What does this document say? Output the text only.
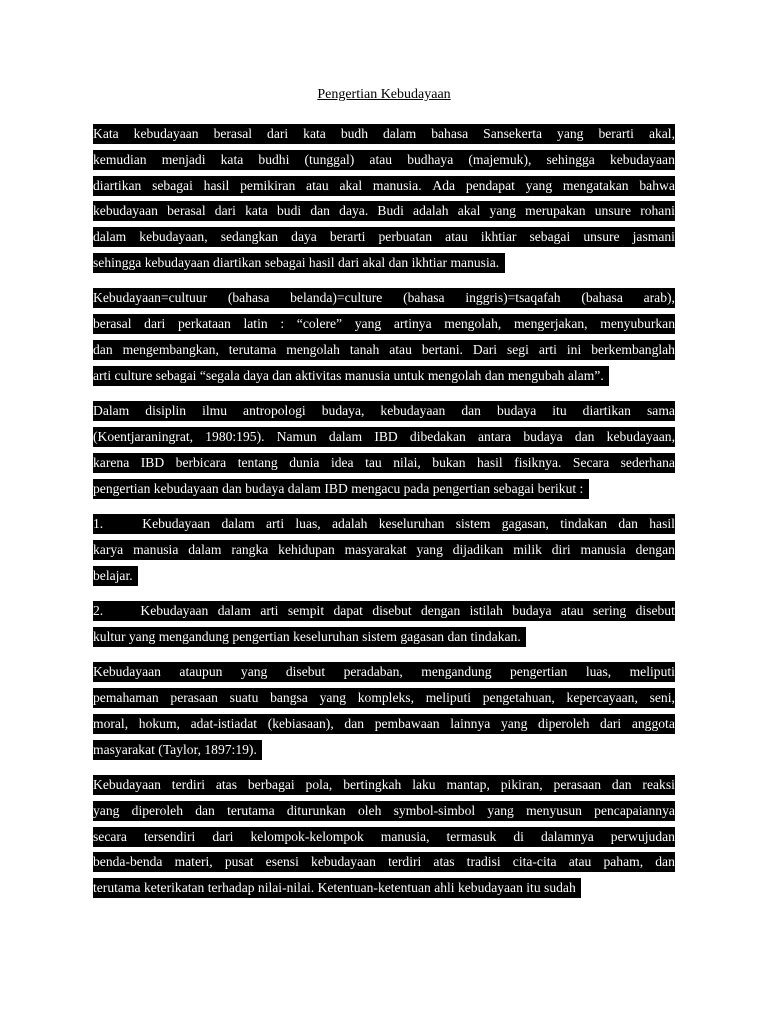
Pengertian Kebudayaan
Kata kebudayaan berasal dari kata budh dalam bahasa Sansekerta yang berarti akal,
kemudian menjadi kata budhi (tunggal) atau budhaya (majemuk), sehingga kebudayaan
diartikan sebagai hasil pemikiran atau akal manusia. Ada pendapat yang mengatakan bahwa
kebudayaan berasal dari kata budi dan daya. Budi adalah akal yang merupakan unsure rohani
dalam kebudayaan, sedangkan daya berarti perbuatan atau ikhtiar sebagai unsure jasmani
sehingga kebudayaan diartikan sebagai hasil dari akal dan ikhtiar manusia.
Kebudayaan=cultuur (bahasa belanda)=culture (bahasa inggris)=tsaqafah (bahasa arab),
berasal dari perkataan latin : “colere” yang artinya mengolah, mengerjakan, menyuburkan
dan mengembangkan, terutama mengolah tanah atau bertani. Dari segi arti ini berkembanglah
arti culture sebagai “segala daya dan aktivitas manusia untuk mengolah dan mengubah alam”.
Dalam disiplin ilmu antropologi budaya, kebudayaan dan budaya itu diartikan sama
(Koentjaraningrat, 1980:195). Namun dalam IBD dibedakan antara budaya dan kebudayaan,
karena IBD berbicara tentang dunia idea tau nilai, bukan hasil fisiknya. Secara sederhana
pengertian kebudayaan dan budaya dalam IBD mengacu pada pengertian sebagai berikut :
1.	Kebudayaan dalam arti luas, adalah keseluruhan sistem gagasan, tindakan dan hasil
karya manusia dalam rangka kehidupan masyarakat yang dijadikan milik diri manusia dengan
belajar.
2.	Kebudayaan dalam arti sempit dapat disebut dengan istilah budaya atau sering disebut
kultur yang mengandung pengertian keseluruhan sistem gagasan dan tindakan.
Kebudayaan ataupun yang disebut peradaban, mengandung pengertian luas, meliputi
pemahaman perasaan suatu bangsa yang kompleks, meliputi pengetahuan, kepercayaan, seni,
moral, hokum, adat-istiadat (kebiasaan), dan pembawaan lainnya yang diperoleh dari anggota
masyarakat (Taylor, 1897:19).
Kebudayaan terdiri atas berbagai pola, bertingkah laku mantap, pikiran, perasaan dan reaksi
yang diperoleh dan terutama diturunkan oleh symbol-simbol yang menyusun pencapaiannya
secara tersendiri dari kelompok-kelompok manusia, termasuk di dalamnya perwujudan
benda-benda materi, pusat esensi kebudayaan terdiri atas tradisi cita-cita atau paham, dan
terutama keterikatan terhadap nilai-nilai. Ketentuan-ketentuan ahli kebudayaan itu sudah
